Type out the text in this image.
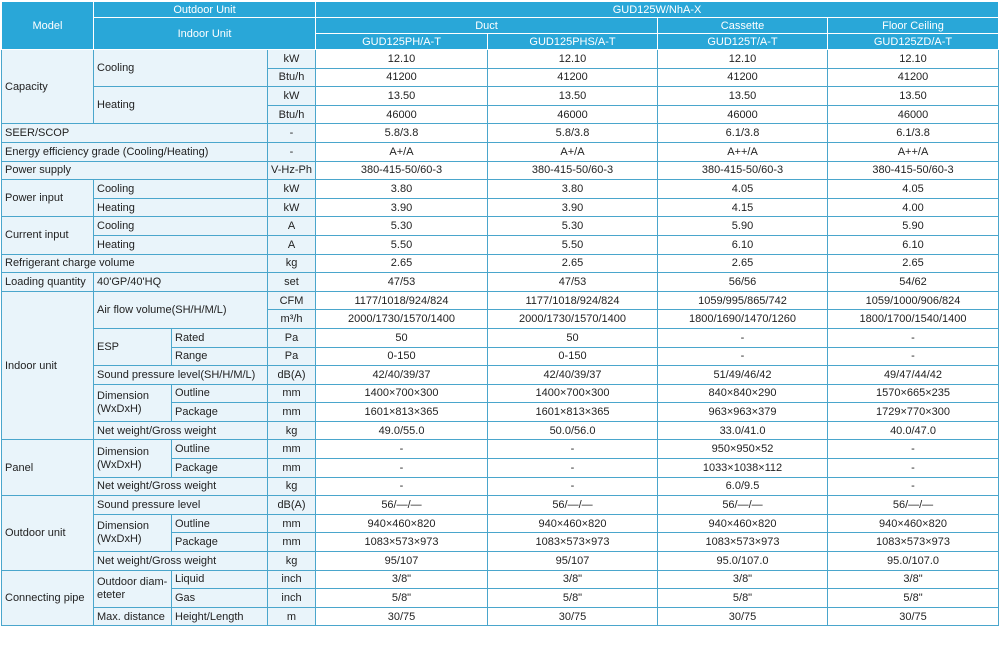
Model	Outdoor Unit			GUD125W/NhA-X			
	Indoor Unit			Duct		Cassette	Floor Ceiling
				GUD125PH/A-T	GUD125PHS/A-T	GUD125T/A-T	GUD125ZD/A-T
Capacity	Cooling		kW	12.10	12.10	12.10	12.10
			Btu/h	41200	41200	41200	41200
	Heating		kW	13.50	13.50	13.50	13.50
			Btu/h	46000	46000	46000	46000
SEER/SCOP			-	5.8/3.8	5.8/3.8	6.1/3.8	6.1/3.8
Energy efficiency grade (Cooling/Heating)			-	A+/A	A+/A	A++/A	A++/A
Power supply			V-Hz-Ph	380-415-50/60-3	380-415-50/60-3	380-415-50/60-3	380-415-50/60-3
Power input	Cooling		kW	3.80	3.80	4.05	4.05
	Heating		kW	3.90	3.90	4.15	4.00
Current input	Cooling		A	5.30	5.30	5.90	5.90
	Heating		A	5.50	5.50	6.10	6.10
Refrigerant charge volume			kg	2.65	2.65	2.65	2.65
Loading quantity	40'GP/40'HQ		set	47/53	47/53	56/56	54/62
Indoor unit	Air flow volume(SH/H/M/L)		CFM	1177/1018/924/824	1177/1018/924/824	1059/995/865/742	1059/1000/906/824
			m³/h	2000/1730/1570/1400	2000/1730/1570/1400	1800/1690/1470/1260	1800/1700/1540/1400
	ESP	Rated	Pa	50	50	-	-
		Range	Pa	0-150	0-150	-	-
	Sound pressure level(SH/H/M/L)		dB(A)	42/40/39/37	42/40/39/37	51/49/46/42	49/47/44/42
	Dimension (WxDxH)	Outline	mm	1400×700×300	1400×700×300	840×840×290	1570×665×235
		Package	mm	1601×813×365	1601×813×365	963×963×379	1729×770×300
	Net weight/Gross weight		kg	49.0/55.0	50.0/56.0	33.0/41.0	40.0/47.0
Panel	Dimension (WxDxH)	Outline	mm	-	-	950×950×52	-
		Package	mm	-	-	1033×1038×112	-
	Net weight/Gross weight		kg	-	-	6.0/9.5	-
Outdoor unit	Sound pressure level		dB(A)	56/—/—	56/—/—	56/—/—	56/—/—
	Dimension (WxDxH)	Outline	mm	940×460×820	940×460×820	940×460×820	940×460×820
		Package	mm	1083×573×973	1083×573×973	1083×573×973	1083×573×973
	Net weight/Gross weight		kg	95/107	95/107	95.0/107.0	95.0/107.0
Connecting pipe	Outdoor diam-eteter	Liquid	inch	3/8"	3/8"	3/8"	3/8"
		Gas	inch	5/8"	5/8"	5/8"	5/8"
	Max. distance	Height/Length	m	30/75	30/75	30/75	30/75
